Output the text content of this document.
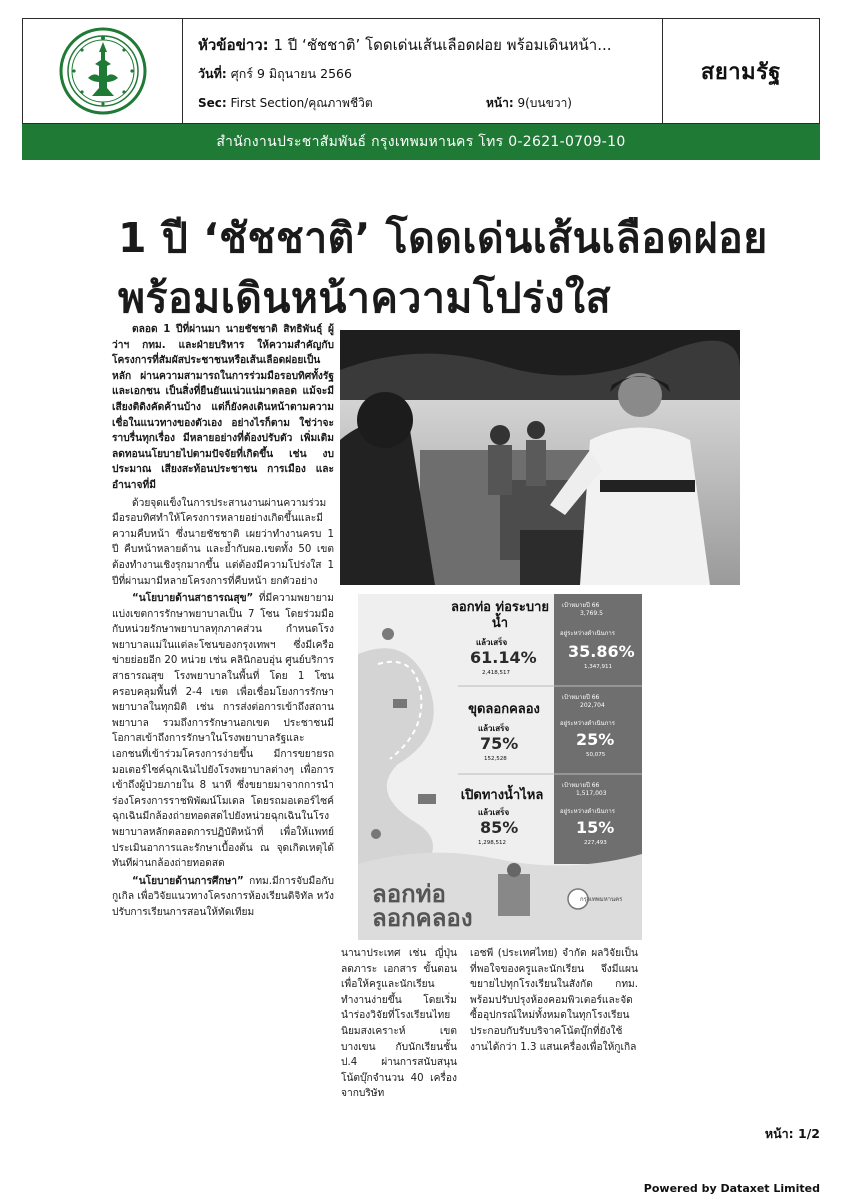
หัวข้อข่าว: 1 ปี ‘ชัชชาติ’ โดดเด่นเส้นเลือดฝอย พร้อมเดินหน้า...
วันที่: ศุกร์ 9 มิถุนายน 2566
Sec: First Section/คุณภาพชีวิต	หน้า: 9(บนขวา)
สยามรัฐ
สำนักงานประชาสัมพันธ์ กรุงเทพมหานคร โทร 0-2621-0709-10
1 ปี ‘ชัชชาติ’ โดดเด่นเส้นเลือดฝอย
พร้อมเดินหน้าความโปร่งใส

ตลอด 1 ปีที่ผ่านมา นายชัชชาติ สิทธิพันธุ์ ผู้ว่าฯ กทม. และฝ่ายบริหาร ให้ความสำคัญกับโครงการที่สัมผัสประชาชนหรือเส้นเลือดฝอยเป็นหลัก ผ่านความสามารถในการร่วมมือรอบทิศทั้งรัฐและเอกชน เป็นสิ่งที่ยืนยันแน่วแน่มาตลอด แม้จะมีเสียงติดิงคัดค้านบ้าง แต่ก็ยังคงเดินหน้าตามความเชื่อในแนวทางของตัวเอง อย่างไรก็ตาม ใช่ว่าจะราบรื่นทุกเรื่อง มีหลายอย่างที่ต้องปรับตัว เพิ่มเติม ลดทอนนโยบายไปตามปัจจัยที่เกิดขึ้น เช่น งบประมาณ เสียงสะท้อนประชาชน การเมือง และอำนาจที่มี

ด้วยจุดแข็งในการประสานงานผ่านความร่วมมือรอบทิศทำให้โครงการหลายอย่างเกิดขึ้นและมีความคืบหน้า ซึ่งนายชัชชาติ เผยว่าทำงานครบ 1 ปี คืบหน้าหลายด้าน และย้ำกับผอ.เขตทั้ง 50 เขตต้องทำงานเชิงรุกมากขึ้น แต่ต้องมีความโปร่งใส 1 ปีที่ผ่านมามีหลายโครงการที่คืบหน้า ยกตัวอย่าง

“นโยบายด้านสาธารณสุข” ที่มีความพยายามแบ่งเขตการรักษาพยาบาลเป็น 7 โซน โดยร่วมมือกับหน่วยรักษาพยาบาลทุกภาคส่วน กำหนดโรงพยาบาลแม่ในแต่ละโซนของกรุงเทพฯ ซึ่งมีเครือข่ายย่อยอีก 20 หน่วย เช่น คลินิกอบอุ่น ศูนย์บริการสาธารณสุข โรงพยาบาลในพื้นที่ โดย 1 โซนครอบคลุมพื้นที่ 2-4 เขต เพื่อเชื่อมโยงการรักษาพยาบาลในทุกมิติ เช่น การส่งต่อการเข้าถึงสถานพยาบาล รวมถึงการรักษานอกเขต ประชาชนมีโอกาสเข้าถึงการรักษาในโรงพยาบาลรัฐและเอกชนที่เข้าร่วมโครงการง่ายขึ้น มีการขยายรถมอเตอร์ไซค์ฉุกเฉินไปยังโรงพยาบาลต่างๆ เพื่อการเข้าถึงผู้ป่วยภายใน 8 นาที ซึ่งขยายมาจากการนำร่องโครงการราชพิพัฒน์โมเดล โดยรถมอเตอร์ไซค์ฉุกเฉินมีกล้องถ่ายทอดสดไปยังหน่วยฉุกเฉินในโรงพยาบาลหลักตลอดการปฏิบัติหน้าที่ เพื่อให้แพทย์ประเมินอาการและรักษาเบื้องต้น ณ จุดเกิดเหตุได้ทันทีผ่านกล้องถ่ายทอดสด

“นโยบายด้านการศึกษา” กทม.มีการจับมือกับกูเกิล เพื่อวิจัยแนวทางโครงการห้องเรียนดิจิทัล หวังปรับการเรียนการสอนให้ทัดเทียม

ลอกท่อ ท่อระบายน้ำ
แล้วเสร็จ
61.14%
2,418,517
เป้าหมายปี 66
3,769.5
อยู่ระหว่างดำเนินการ
35.86%
1,347,911
ขุดลอกคลอง
แล้วเสร็จ
75%
152,528
เป้าหมายปี 66
202,704
อยู่ระหว่างดำเนินการ
25%
50,075
เปิดทางน้ำไหล
แล้วเสร็จ
85%
1,298,512
เป้าหมายปี 66
1,517,003
อยู่ระหว่างดำเนินการ
15%
227,493
ลอกท่อ
ลอกคลอง
กรุงเทพมหานคร

นานาประเทศ เช่น ญี่ปุ่น ลดภาระ เอกสาร ขั้นตอน เพื่อให้ครูและนักเรียนทำงานง่ายขึ้น โดยเริ่มนำร่องวิจัยที่โรงเรียนไทยนิยมสงเคราะห์ เขตบางเขน กับนักเรียนชั้น ป.4 ผ่านการสนับสนุนโน้ตบุ๊กจำนวน 40 เครื่อง จากบริษัท

เอชพี (ประเทศไทย) จำกัด ผลวิจัยเป็นที่พอใจของครูและนักเรียน จึงมีแผนขยายไปทุกโรงเรียนในสังกัด กทม. พร้อมปรับปรุงห้องคอมพิวเตอร์และจัดซื้ออุปกรณ์ใหม่ทั้งหมดในทุกโรงเรียน ประกอบกับรับบริจาคโน้ตบุ๊กที่ยังใช้งานได้กว่า 1.3 แสนเครื่องเพื่อให้กูเกิล

หน้า: 1/2
Powered by Dataxet Limited
